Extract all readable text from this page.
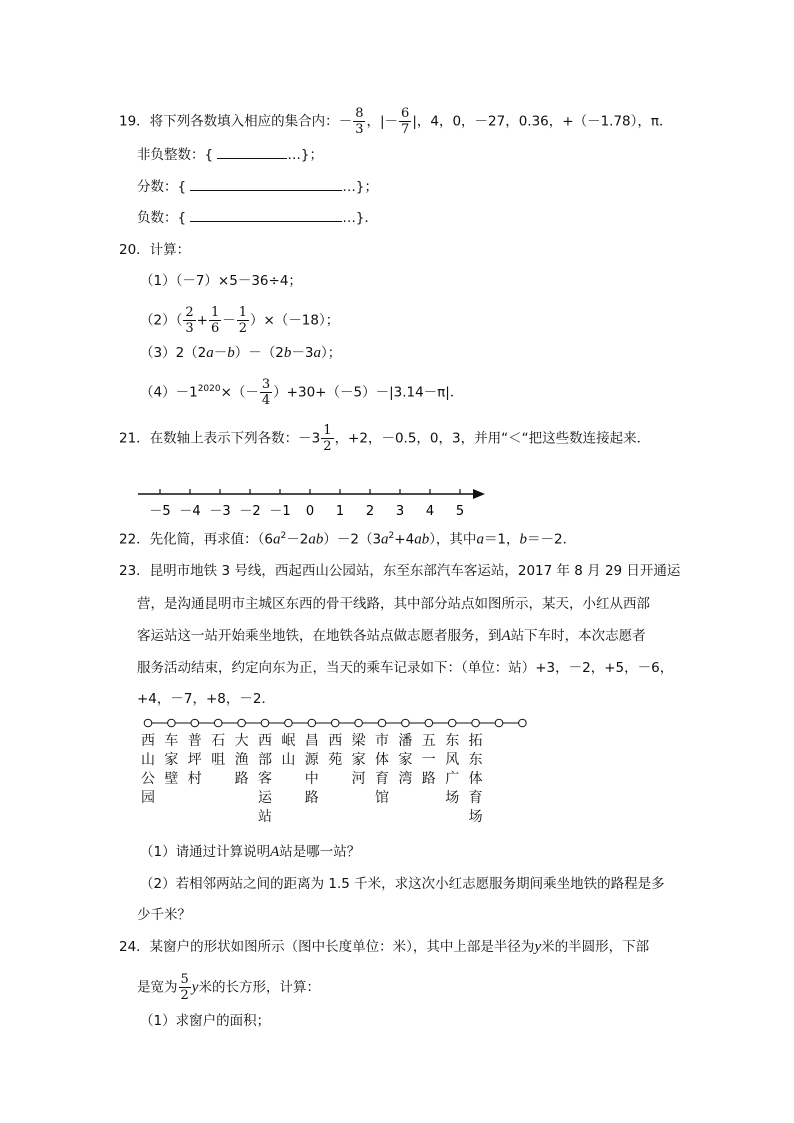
19．将下列各数填入相应的集合内：－ $\frac{8}{3}$ ，|－ $\frac{6}{7}$ |，4，0，－27，0.36，+（－1.78），π．
非负整数：{	…}；
分数：{	…}；
负数：{	…}．
20．计算：
（1）（－7）×5－36÷4；
$(2)( \frac{2}{3} + \frac{1}{6} - \frac{1}{2} )\times(-18)$；
（3）2（2a－b）－（2b－3a）；
$(4)-1^{2020}\times(- \frac{3}{4} )+30+(-5)-|3.14-\pi|$．
21．在数轴上表示下列各数：$-3 \frac{1}{2}$ ，+2，－0.5，0，3，并用“＜“把这些数连接起来．
－5 －4 －3 －2 －1 0 1 2 3 4 5
22．先化简，再求值：$(6a^2-2ab)-2(3a^2+4ab)$，其中a＝1，b＝－2．
23．昆明市地铁 3 号线，西起西山公园站，东至东部汽车客运站，2017 年 8 月 29 日开通运
营，是沟通昆明市主城区东西的骨干线路，其中部分站点如图所示，某天，小红从西部
客运站这一站开始乘坐地铁，在地铁各站点做志愿者服务，到A站下车时，本次志愿者
服务活动结束，约定向东为正，当天的乘车记录如下：（单位：站）+3，－2，+5，－6，
+4，－7，+8，－2．
西山公园
车家壁
普坪村
石咀
大渔路
西部客运站
岷山
昌源中路
西苑
梁家河
市体育馆
潘家湾
五一路
东风广场
拓东体育场
（1）请通过计算说明A站是哪一站？
（2）若相邻两站之间的距离为 1.5 千米，求这次小红志愿服务期间乘坐地铁的路程是多
少千米？
24．某窗户的形状如图所示（图中长度单位：米），其中上部是半径为y米的半圆形，下部
是宽为 $\frac{5}{2}$ y米的长方形，计算：
（1）求窗户的面积；
